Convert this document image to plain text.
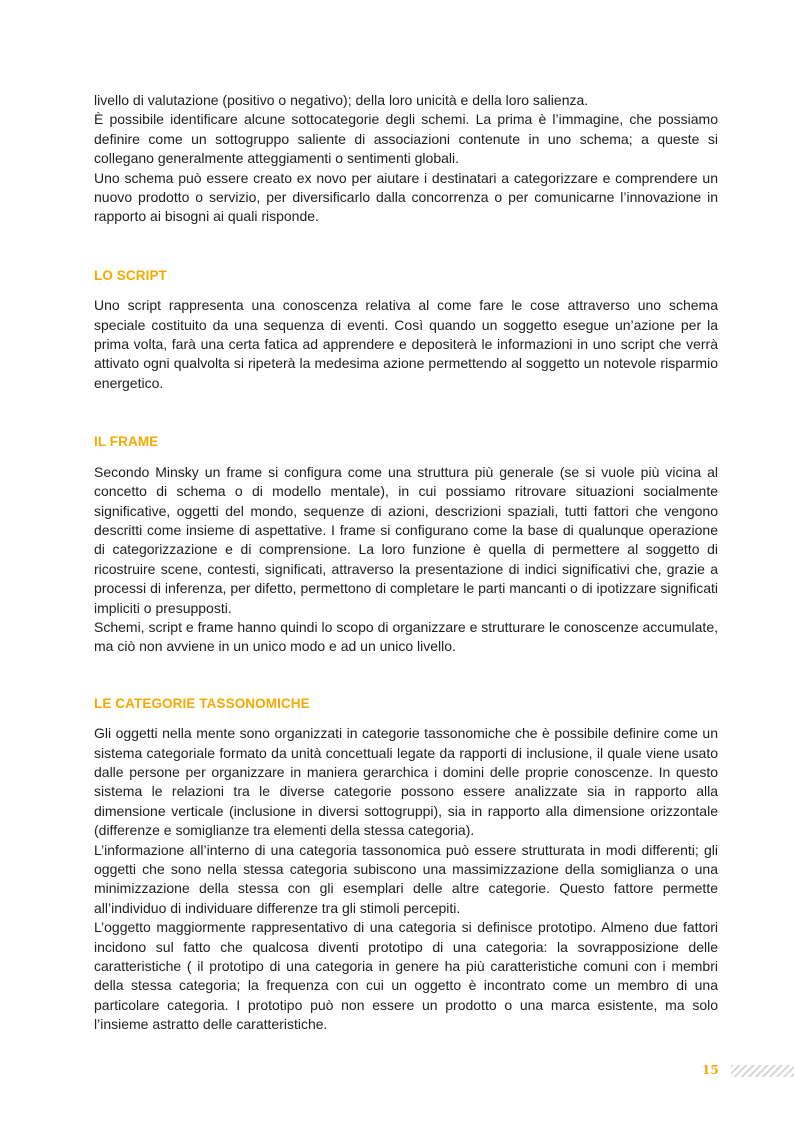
livello di valutazione (positivo o negativo); della loro unicità e della loro salienza.

È possibile identificare alcune sottocategorie degli schemi. La prima è l’immagine, che possiamo definire come un sottogruppo saliente di associazioni contenute in uno schema; a queste si collegano generalmente atteggiamenti o sentimenti globali.

Uno schema può essere creato ex novo per aiutare i destinatari a categorizzare e comprendere un nuovo prodotto o servizio, per diversificarlo dalla concorrenza o per comunicarne l’innovazione in rapporto ai bisogni ai quali risponde.

LO SCRIPT

Uno script rappresenta una conoscenza relativa al come fare le cose attraverso uno schema speciale costituito da una sequenza di eventi. Così quando un soggetto esegue un’azione per la prima volta, farà una certa fatica ad apprendere e depositerà le informazioni in uno script che verrà attivato ogni qualvolta si ripeterà la medesima azione permettendo al soggetto un notevole risparmio energetico.

IL FRAME

Secondo Minsky un frame si configura come una struttura più generale (se si vuole più vicina al concetto di schema o di modello mentale), in cui possiamo ritrovare situazioni socialmente significative, oggetti del mondo, sequenze di azioni, descrizioni spaziali, tutti fattori che vengono descritti come insieme di aspettative. I frame si configurano come la base di qualunque operazione di categorizzazione e di comprensione. La loro funzione è quella di permettere al soggetto di ricostruire scene, contesti, significati, attraverso la presentazione di indici significativi che, grazie a processi di inferenza, per difetto, permettono di completare le parti mancanti o di ipotizzare significati impliciti o presupposti.

Schemi, script e frame hanno quindi lo scopo di organizzare e strutturare le conoscenze accumulate, ma ciò non avviene in un unico modo e ad un unico livello.

LE CATEGORIE TASSONOMICHE

Gli oggetti nella mente sono organizzati in categorie tassonomiche che è possibile definire come un sistema categoriale formato da unità concettuali legate da rapporti di inclusione, il quale viene usato dalle persone per organizzare in maniera gerarchica i domini delle proprie conoscenze. In questo sistema le relazioni tra le diverse categorie possono essere analizzate sia in rapporto alla dimensione verticale (inclusione in diversi sottogruppi), sia in rapporto alla dimensione orizzontale (differenze e somiglianze tra elementi della stessa categoria).

L’informazione all’interno di una categoria tassonomica può essere strutturata in modi differenti; gli oggetti che sono nella stessa categoria subiscono una massimizzazione della somiglianza o una minimizzazione della stessa con gli esemplari delle altre categorie. Questo fattore permette all’individuo di individuare differenze tra gli stimoli percepiti.

L’oggetto maggiormente rappresentativo di una categoria si definisce prototipo. Almeno due fattori incidono sul fatto che qualcosa diventi prototipo di una categoria: la sovrapposizione delle caratteristiche ( il prototipo di una categoria in genere ha più caratteristiche comuni con i membri della stessa categoria; la frequenza con cui un oggetto è incontrato come un membro di una particolare categoria. I prototipo può non essere un prodotto o una marca esistente, ma solo l’insieme astratto delle caratteristiche.

15
